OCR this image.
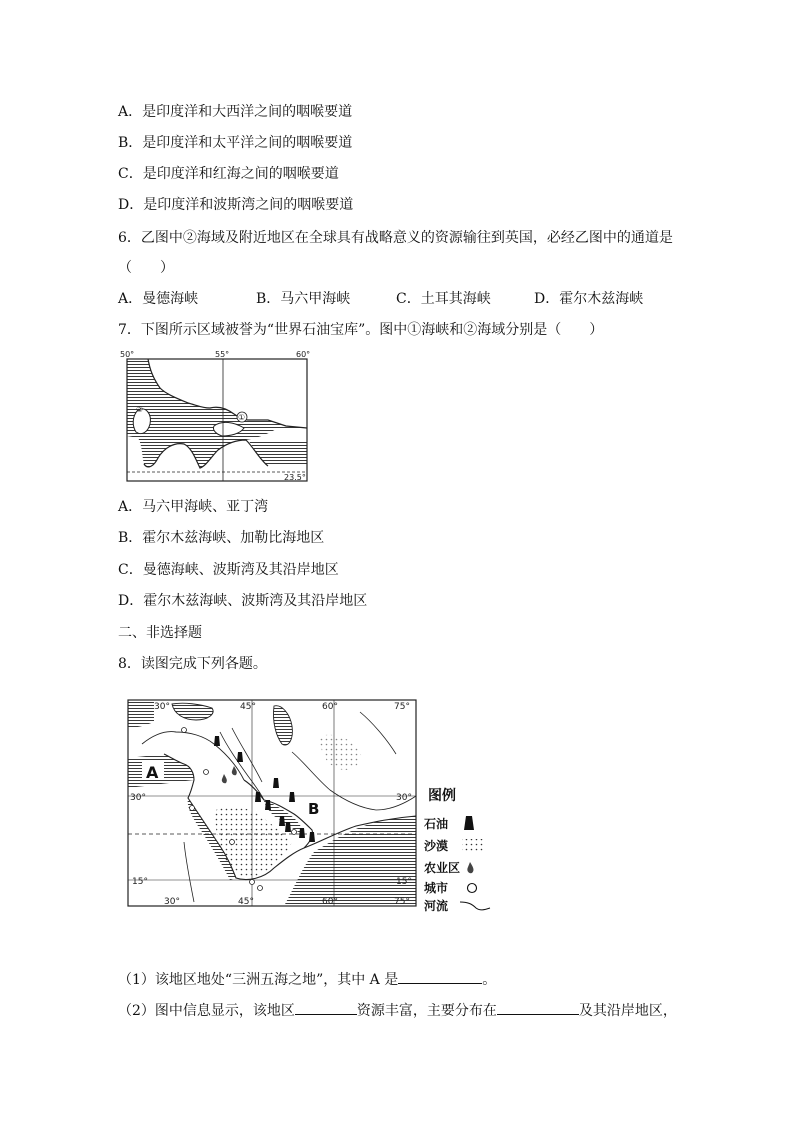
A．是印度洋和大西洋之间的咽喉要道
B．是印度洋和太平洋之间的咽喉要道
C．是印度洋和红海之间的咽喉要道
D．是印度洋和波斯湾之间的咽喉要道
6．乙图中②海域及附近地区在全球具有战略意义的资源输往到英国，必经乙图中的通道是
（　　）
A．曼德海峡	B．马六甲海峡	C．土耳其海峡	D．霍尔木兹海峡
7．下图所示区域被誉为“世界石油宝库”。图中①海峡和②海域分别是（　　）
50°	55°	60°
23.5°
①
②
A．马六甲海峡、亚丁湾
B．霍尔木兹海峡、加勒比海地区
C．曼德海峡、波斯湾及其沿岸地区
D．霍尔木兹海峡、波斯湾及其沿岸地区
二、非选择题
8．读图完成下列各题。
A
B
30°	45°	60°	75°
30°
15°
30°
15°
30°	45°	60°	75°
图例
石油
沙漠
农业区
城市
河流
（1）该地区地处“三洲五海之地”，其中 A 是	。
（2）图中信息显示，该地区	资源丰富，主要分布在	及其沿岸地区，
